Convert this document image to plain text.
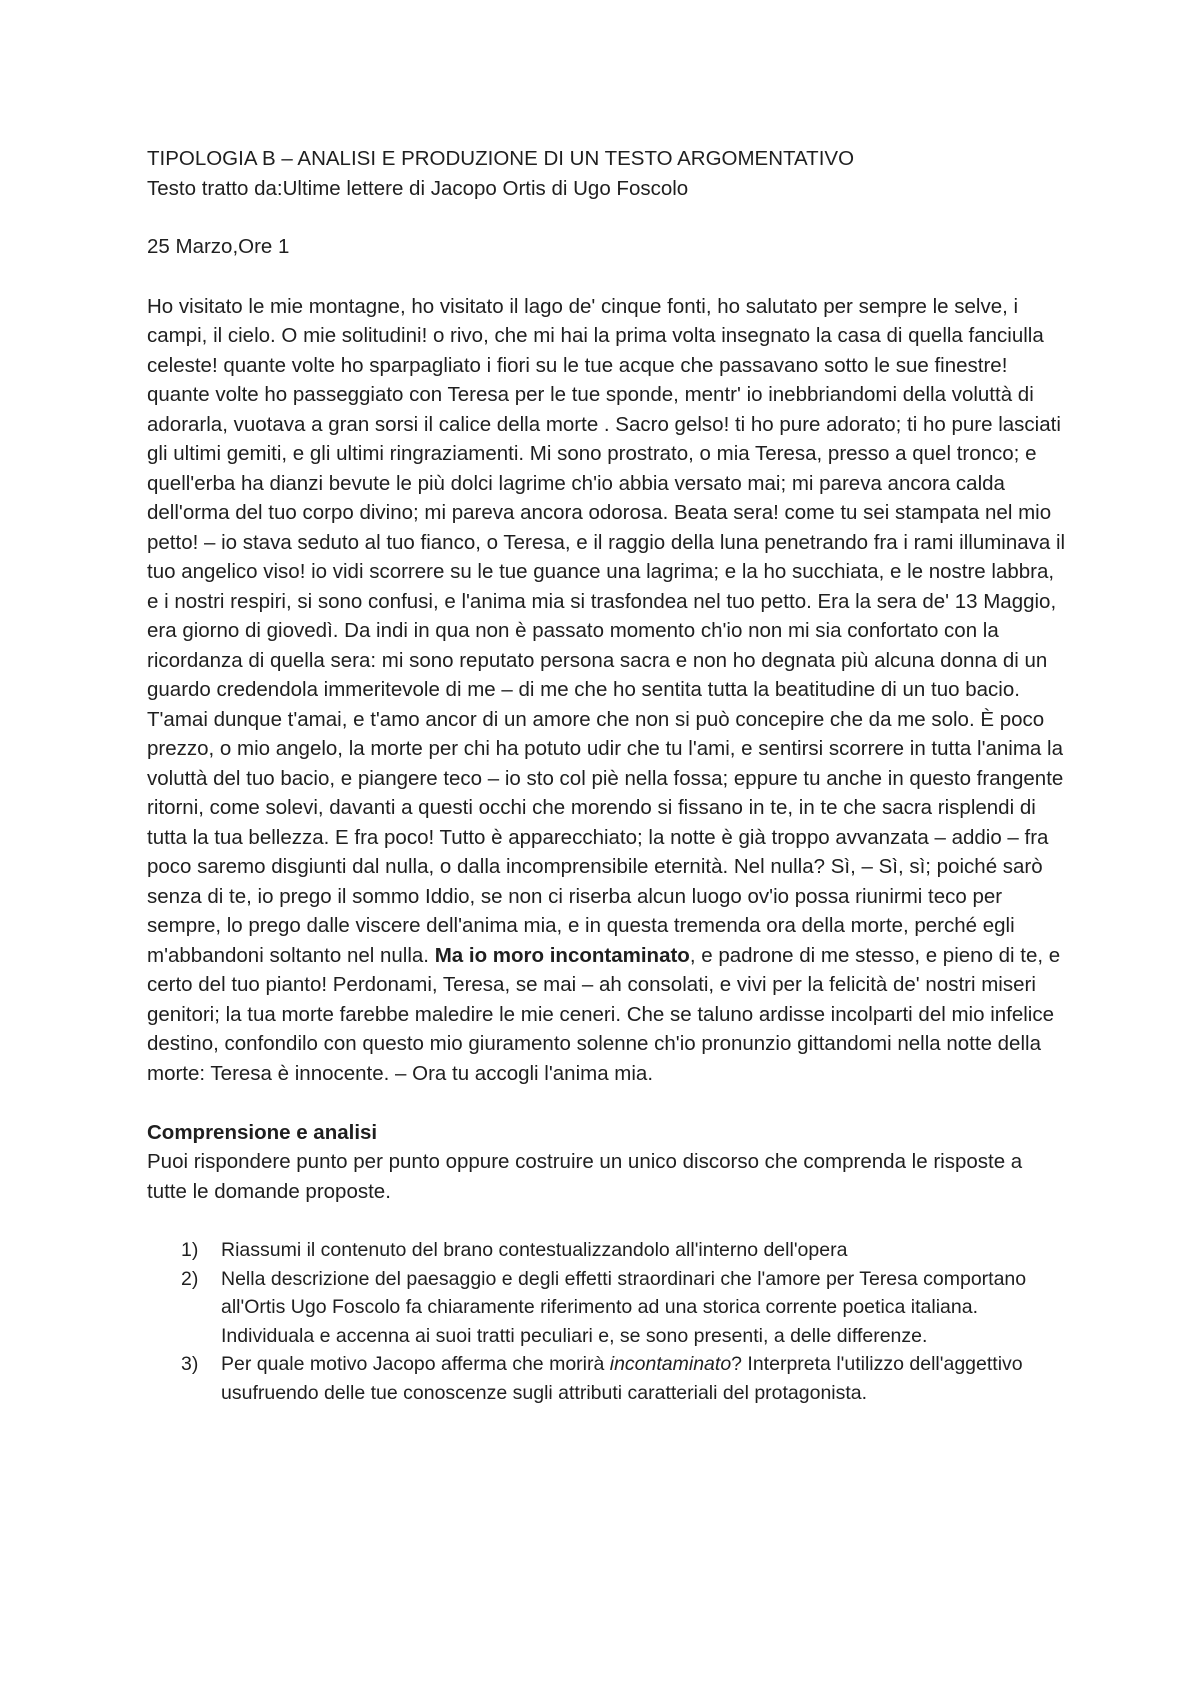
TIPOLOGIA B – ANALISI E PRODUZIONE DI UN TESTO ARGOMENTATIVO

Testo tratto da:Ultime lettere di Jacopo Ortis di Ugo Foscolo

25 Marzo,Ore 1

Ho visitato le mie montagne, ho visitato il lago de' cinque fonti, ho salutato per sempre le selve, i campi, il cielo. O mie solitudini! o rivo, che mi hai la prima volta insegnato la casa di quella fanciulla celeste! quante volte ho sparpagliato i fiori su le tue acque che passavano sotto le sue finestre! quante volte ho passeggiato con Teresa per le tue sponde, mentr' io inebbriandomi della voluttà di adorarla, vuotava a gran sorsi il calice della morte . Sacro gelso! ti ho pure adorato; ti ho pure lasciati gli ultimi gemiti, e gli ultimi ringraziamenti. Mi sono prostrato, o mia Teresa, presso a quel tronco; e quell'erba ha dianzi bevute le più dolci lagrime ch'io abbia versato mai; mi pareva ancora calda dell'orma del tuo corpo divino; mi pareva ancora odorosa. Beata sera! come tu sei stampata nel mio petto! – io stava seduto al tuo fianco, o Teresa, e il raggio della luna penetrando fra i rami illuminava il tuo angelico viso! io vidi scorrere su le tue guance una lagrima; e la ho succhiata, e le nostre labbra, e i nostri respiri, si sono confusi, e l'anima mia si trasfondea nel tuo petto. Era la sera de' 13 Maggio, era giorno di giovedì. Da indi in qua non è passato momento ch'io non mi sia confortato con la ricordanza di quella sera: mi sono reputato persona sacra e non ho degnata più alcuna donna di un guardo credendola immeritevole di me – di me che ho sentita tutta la beatitudine di un tuo bacio. T'amai dunque t'amai, e t'amo ancor di un amore che non si può concepire che da me solo. È poco prezzo, o mio angelo, la morte per chi ha potuto udir che tu l'ami, e sentirsi scorrere in tutta l'anima la voluttà del tuo bacio, e piangere teco – io sto col piè nella fossa; eppure tu anche in questo frangente ritorni, come solevi, davanti a questi occhi che morendo si fissano in te, in te che sacra risplendi di tutta la tua bellezza. E fra poco! Tutto è apparecchiato; la notte è già troppo avvanzata – addio – fra poco saremo disgiunti dal nulla, o dalla incomprensibile eternità. Nel nulla? Sì, – Sì, sì; poiché sarò senza di te, io prego il sommo Iddio, se non ci riserba alcun luogo ov'io possa riunirmi teco per sempre, lo prego dalle viscere dell'anima mia, e in questa tremenda ora della morte, perché egli m'abbandoni soltanto nel nulla. Ma io moro incontaminato, e padrone di me stesso, e pieno di te, e certo del tuo pianto! Perdonami, Teresa, se mai – ah consolati, e vivi per la felicità de' nostri miseri genitori; la tua morte farebbe maledire le mie ceneri. Che se taluno ardisse incolparti del mio infelice destino, confondilo con questo mio giuramento solenne ch'io pronunzio gittandomi nella notte della morte: Teresa è innocente. – Ora tu accogli l'anima mia.

Comprensione e analisi

Puoi rispondere punto per punto oppure costruire un unico discorso che comprenda le risposte a tutte le domande proposte.
1)	Riassumi il contenuto del brano contestualizzandolo all'interno dell'opera
2)	Nella descrizione del paesaggio e degli effetti straordinari che l'amore per Teresa comportano all'Ortis Ugo Foscolo fa chiaramente riferimento ad una storica corrente poetica italiana. Individuala e accenna ai suoi tratti peculiari e, se sono presenti, a delle differenze.
3)	Per quale motivo Jacopo afferma che morirà incontaminato? Interpreta l'utilizzo dell'aggettivo usufruendo delle tue conoscenze sugli attributi caratteriali del protagonista.
